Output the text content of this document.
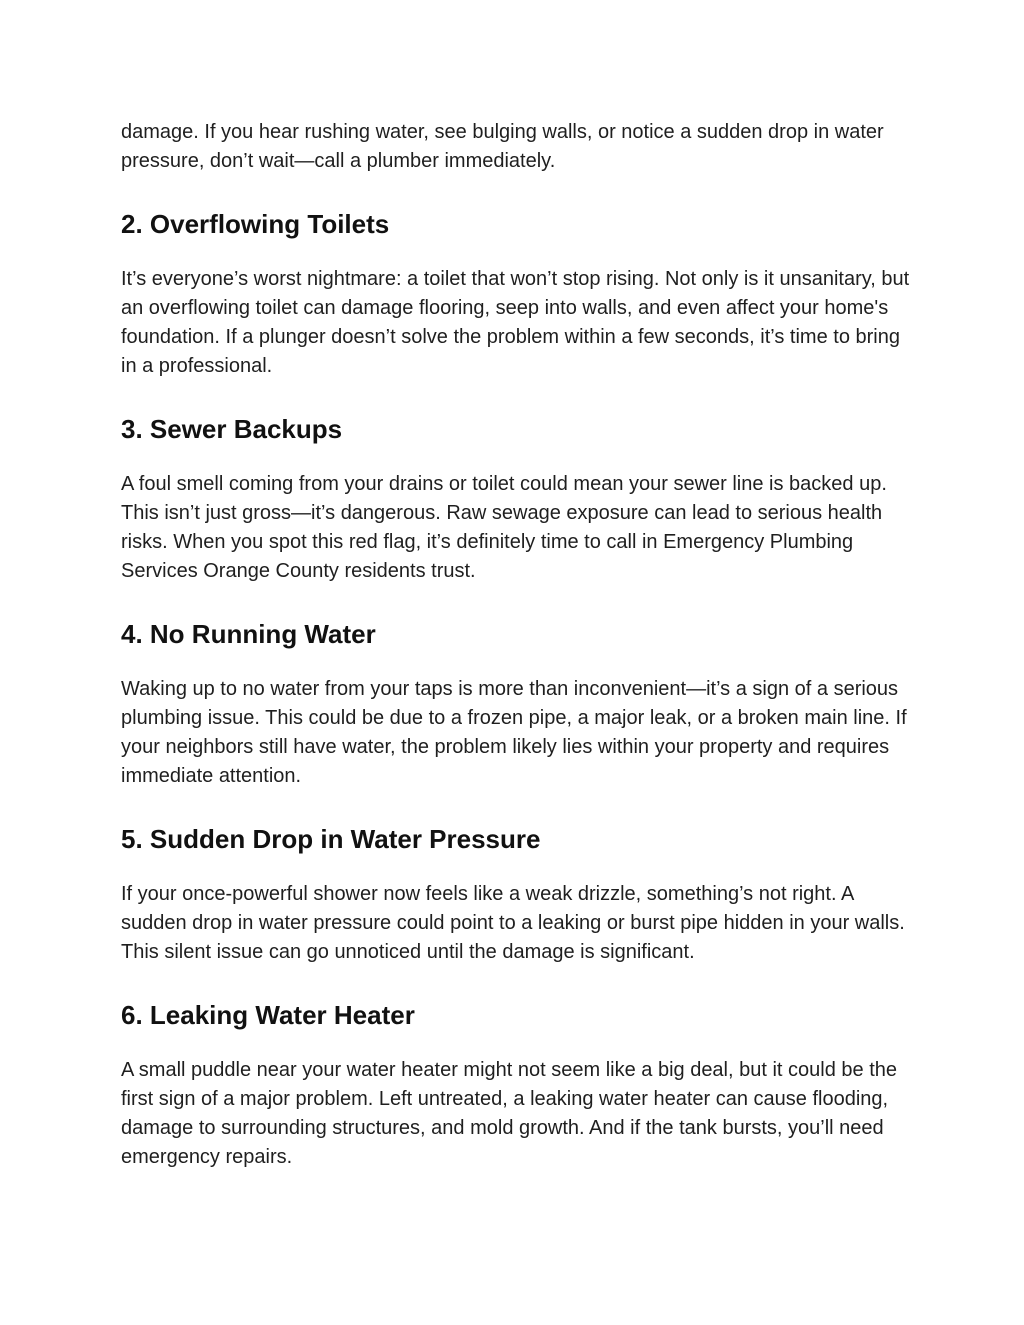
damage. If you hear rushing water, see bulging walls, or notice a sudden drop in water pressure, don’t wait—call a plumber immediately.

2. Overflowing Toilets

It’s everyone’s worst nightmare: a toilet that won’t stop rising. Not only is it unsanitary, but an overflowing toilet can damage flooring, seep into walls, and even affect your home's foundation. If a plunger doesn’t solve the problem within a few seconds, it’s time to bring in a professional.

3. Sewer Backups

A foul smell coming from your drains or toilet could mean your sewer line is backed up. This isn’t just gross—it’s dangerous. Raw sewage exposure can lead to serious health risks. When you spot this red flag, it’s definitely time to call in Emergency Plumbing Services Orange County residents trust.

4. No Running Water

Waking up to no water from your taps is more than inconvenient—it’s a sign of a serious plumbing issue. This could be due to a frozen pipe, a major leak, or a broken main line. If your neighbors still have water, the problem likely lies within your property and requires immediate attention.

5. Sudden Drop in Water Pressure

If your once-powerful shower now feels like a weak drizzle, something’s not right. A sudden drop in water pressure could point to a leaking or burst pipe hidden in your walls. This silent issue can go unnoticed until the damage is significant.

6. Leaking Water Heater

A small puddle near your water heater might not seem like a big deal, but it could be the first sign of a major problem. Left untreated, a leaking water heater can cause flooding, damage to surrounding structures, and mold growth. And if the tank bursts, you’ll need emergency repairs.
